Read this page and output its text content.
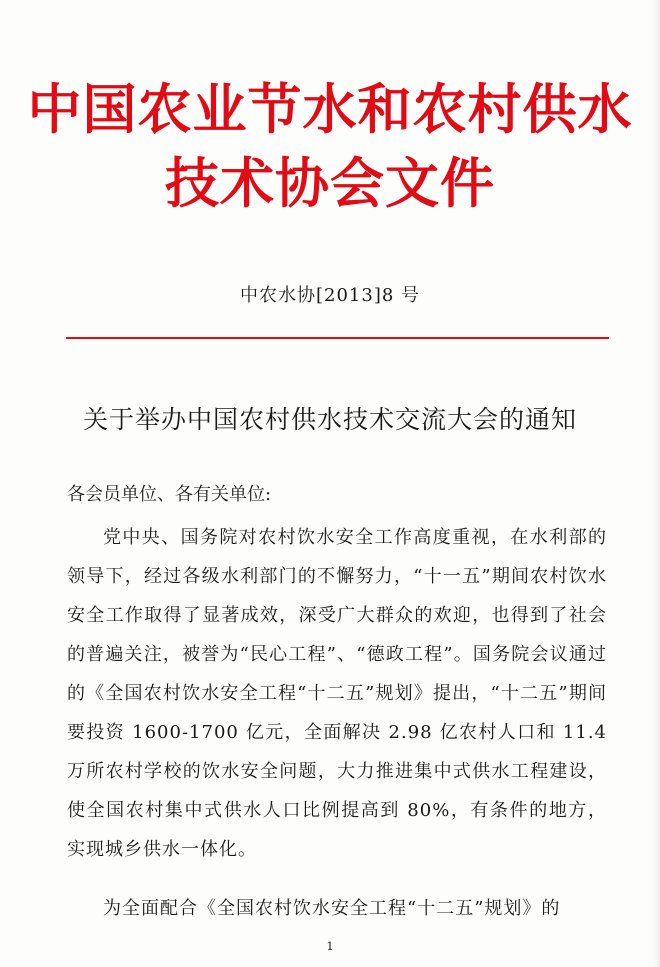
中国农业节水和农村供水
技术协会文件
中农水协[2013]8 号
关于举办中国农村供水技术交流大会的通知
各会员单位、各有关单位:
党中央、国务院对农村饮水安全工作高度重视，在水利部的领导下，经过各级水利部门的不懈努力，“十一五”期间农村饮水安全工作取得了显著成效，深受广大群众的欢迎，也得到了社会的普遍关注，被誉为“民心工程”、“德政工程”。国务院会议通过的《全国农村饮水安全工程“十二五”规划》提出，“十二五”期间要投资 1600-1700 亿元，全面解决 2.98 亿农村人口和 11.4 万所农村学校的饮水安全问题，大力推进集中式供水工程建设，使全国农村集中式供水人口比例提高到 80%，有条件的地方，实现城乡供水一体化。
为全面配合《全国农村饮水安全工程“十二五”规划》的
1
